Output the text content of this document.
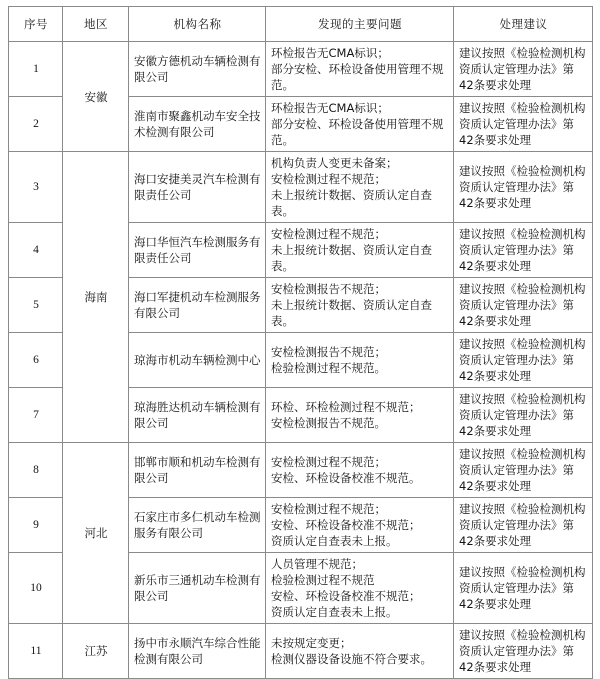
序号	地区	机构名称	发现的主要问题	处理建议
1	安徽	安徽方德机动车辆检测有限公司	环检报告无CMA标识；
部分安检、环检设备使用管理不规范。	建议按照《检验检测机构资质认定管理办法》第42条要求处理

2		淮南市聚鑫机动车安全技术检测有限公司	环检报告无CMA标识；
部分安检、环检设备使用管理不规范。	建议按照《检验检测机构资质认定管理办法》第42条要求处理

3	海南	海口安捷美灵汽车检测有限责任公司	机构负责人变更未备案；
安检检测过程不规范；
未上报统计数据、资质认定自查表。	建议按照《检验检测机构资质认定管理办法》第42条要求处理

4		海口华恒汽车检测服务有限责任公司	安检检测过程不规范；
未上报统计数据、资质认定自查表。	建议按照《检验检测机构资质认定管理办法》第42条要求处理

5		海口军捷机动车检测服务有限公司	安检检测报告不规范；
未上报统计数据、资质认定自查表。	建议按照《检验检测机构资质认定管理办法》第42条要求处理

6		琼海市机动车辆检测中心	安检检测报告不规范；
检验检测过程不规范。	建议按照《检验检测机构资质认定管理办法》第42条要求处理

7		琼海胜达机动车辆检测有限公司	环检、环检检测过程不规范；
安检检测报告不规范。	建议按照《检验检测机构资质认定管理办法》第42条要求处理

8	河北	邯郸市顺和机动车检测有限公司	安检检测过程不规范；
安检、环检设备校准不规范。	建议按照《检验检测机构资质认定管理办法》第42条要求处理

9		石家庄市多仁机动车检测服务有限公司	安检检测过程不规范；
安检、环检设备校准不规范；
资质认定自查表未上报。	建议按照《检验检测机构资质认定管理办法》第42条要求处理

10		新乐市三通机动车检测有限公司	人员管理不规范；
检验检测过程不规范
安检、环检设备校准不规范；
资质认定自查表未上报。	建议按照《检验检测机构资质认定管理办法》第42条要求处理

11	江苏	扬中市永顺汽车综合性能检测有限公司	未按规定变更；
检测仪器设备设施不符合要求。	建议按照《检验检测机构资质认定管理办法》第42条要求处理
